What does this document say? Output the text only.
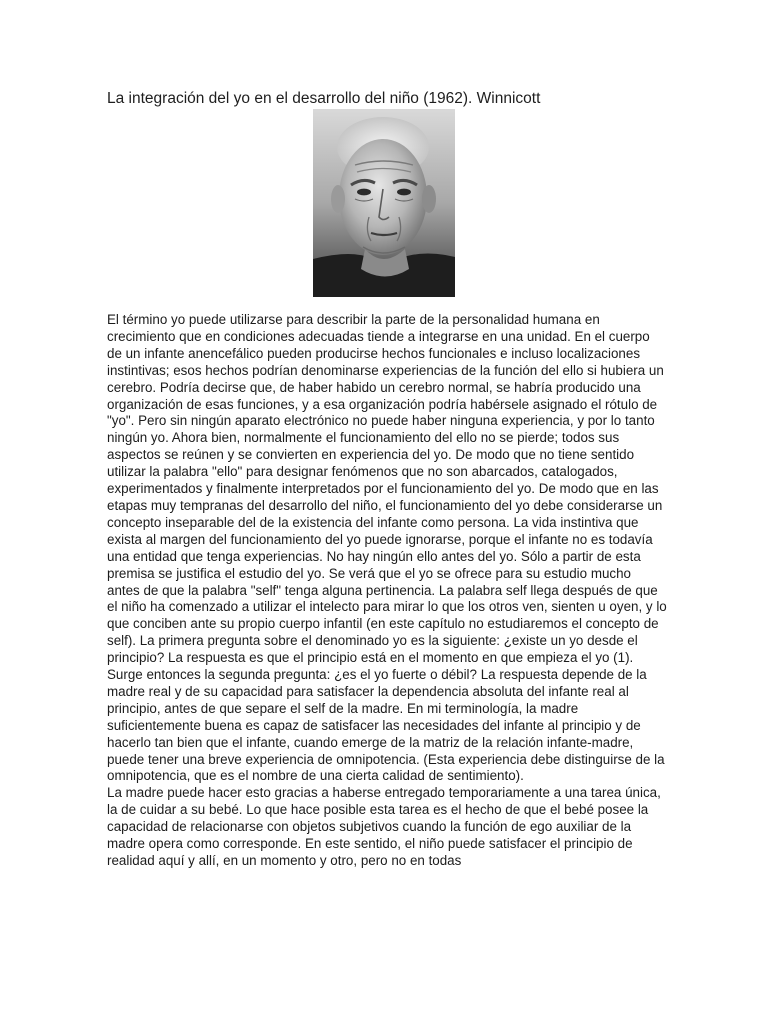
La integración del yo en el desarrollo del niño (1962). Winnicott

El término yo puede utilizarse para describir la parte de la personalidad humana en crecimiento que en condiciones adecuadas tiende a integrarse en una unidad. En el cuerpo de un infante anencefálico pueden producirse hechos funcionales e incluso localizaciones instintivas; esos hechos podrían denominarse experiencias de la función del ello si hubiera un cerebro. Podría decirse que, de haber habido un cerebro normal, se habría producido una organización de esas funciones, y a esa organización podría habérsele asignado el rótulo de "yo". Pero sin ningún aparato electrónico no puede haber ninguna experiencia, y por lo tanto ningún yo. Ahora bien, normalmente el funcionamiento del ello no se pierde; todos sus aspectos se reúnen y se convierten en experiencia del yo. De modo que no tiene sentido utilizar la palabra "ello" para designar fenómenos que no son abarcados, catalogados, experimentados y finalmente interpretados por el funcionamiento del yo. De modo que en las etapas muy tempranas del desarrollo del niño, el funcionamiento del yo debe considerarse un concepto inseparable del de la existencia del infante como persona. La vida instintiva que exista al margen del funcionamiento del yo puede ignorarse, porque el infante no es todavía una entidad que tenga experiencias. No hay ningún ello antes del yo. Sólo a partir de esta premisa se justifica el estudio del yo. Se verá que el yo se ofrece para su estudio mucho antes de que la palabra "self" tenga alguna pertinencia. La palabra self llega después de que el niño ha comenzado a utilizar el intelecto para mirar lo que los otros ven, sienten u oyen, y lo que conciben ante su propio cuerpo infantil (en este capítulo no estudiaremos el concepto de self). La primera pregunta sobre el denominado yo es la siguiente: ¿existe un yo desde el principio? La respuesta es que el principio está en el momento en que empieza el yo (1). Surge entonces la segunda pregunta: ¿es el yo fuerte o débil? La respuesta depende de la madre real y de su capacidad para satisfacer la dependencia absoluta del infante real al principio, antes de que separe el self de la madre. En mi terminología, la madre suficientemente buena es capaz de satisfacer las necesidades del infante al principio y de hacerlo tan bien que el infante, cuando emerge de la matriz de la relación infante-madre, puede tener una breve experiencia de omnipotencia. (Esta experiencia debe distinguirse de la omnipotencia, que es el nombre de una cierta calidad de sentimiento).

La madre puede hacer esto gracias a haberse entregado temporariamente a una tarea única, la de cuidar a su bebé. Lo que hace posible esta tarea es el hecho de que el bebé posee la capacidad de relacionarse con objetos subjetivos cuando la función de ego auxiliar de la madre opera como corresponde. En este sentido, el niño puede satisfacer el principio de realidad aquí y allí, en un momento y otro, pero no en todas
